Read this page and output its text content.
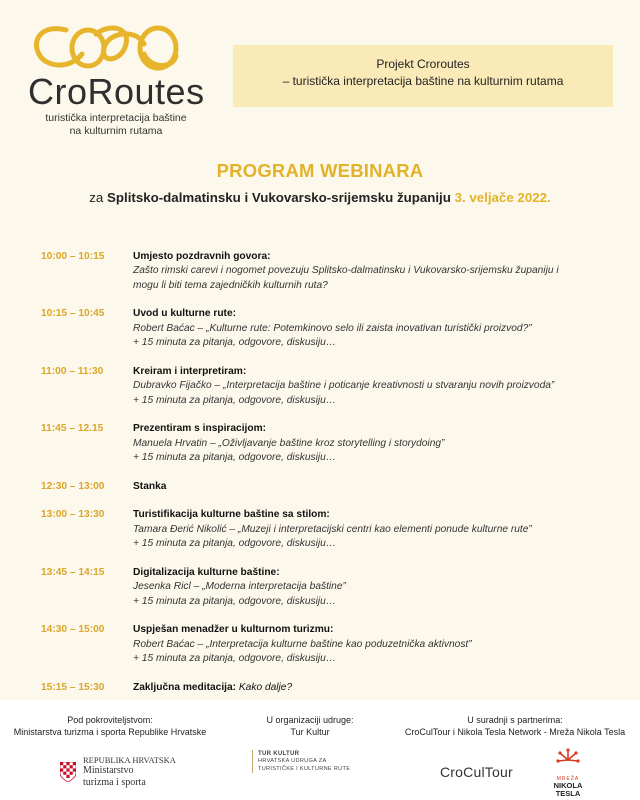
CroRoutes
turistička interpretacija baštine
na kulturnim rutama
Projekt Croroutes
– turistička interpretacija baštine na kulturnim rutama
PROGRAM WEBINARA
za Splitsko-dalmatinsku i Vukovarsko-srijemsku županiju 3. veljače 2022.
10:00 – 10:15	Umjesto pozdravnih govora:
Zašto rimski carevi i nogomet povezuju Splitsko-dalmatinsku i Vukovarsko-srijemsku županiju i
mogu li biti tema zajedničkih kulturnih ruta?
10:15 – 10:45	Uvod u kulturne rute:
Robert Baćac – „Kulturne rute: Potemkinovo selo ili zaista inovativan turistički proizvod?”
+ 15 minuta za pitanja, odgovore, diskusiju…
11:00 – 11:30	Kreiram i interpretiram:
Dubravko Fijačko – „Interpretacija baštine i poticanje kreativnosti u stvaranju novih proizvoda”
+ 15 minuta za pitanja, odgovore, diskusiju…
11:45 – 12.15	Prezentiram s inspiracijom:
Manuela Hrvatin – „Oživljavanje baštine kroz storytelling i storydoing”
+ 15 minuta za pitanja, odgovore, diskusiju…
12:30 – 13:00	Stanka
13:00 – 13:30	Turistifikacija kulturne baštine sa stilom:
Tamara Đerić Nikolić – „Muzeji i interpretacijski centri kao elementi ponude kulturne rute”
+ 15 minuta za pitanja, odgovore, diskusiju…
13:45 – 14:15	Digitalizacija kulturne baštine:
Jesenka Ricl – „Moderna interpretacija baštine”
+ 15 minuta za pitanja, odgovore, diskusiju…
14:30 – 15:00	Uspješan menadžer u kulturnom turizmu:
Robert Baćac – „Interpretacija kulturne baštine kao poduzetnička aktivnost”
+ 15 minuta za pitanja, odgovore, diskusiju…
15:15 – 15:30	Zaključna meditacija: Kako dalje?
Pod pokroviteljstvom:
Ministarstva turizma i sporta Republike Hrvatske
U organizaciji udruge:
Tur Kultur
U suradnji s partnerima:
CroCulTour i Nikola Tesla Network - Mreža Nikola Tesla
REPUBLIKA HRVATSKA
Ministarstvo
turizma i sporta
TUR KULTUR
HRVATSKA UDRUGA ZA
TURISTIČKE I KULTURNE RUTE	CroCulTour	MREŽA
NIKOLA
TESLA
